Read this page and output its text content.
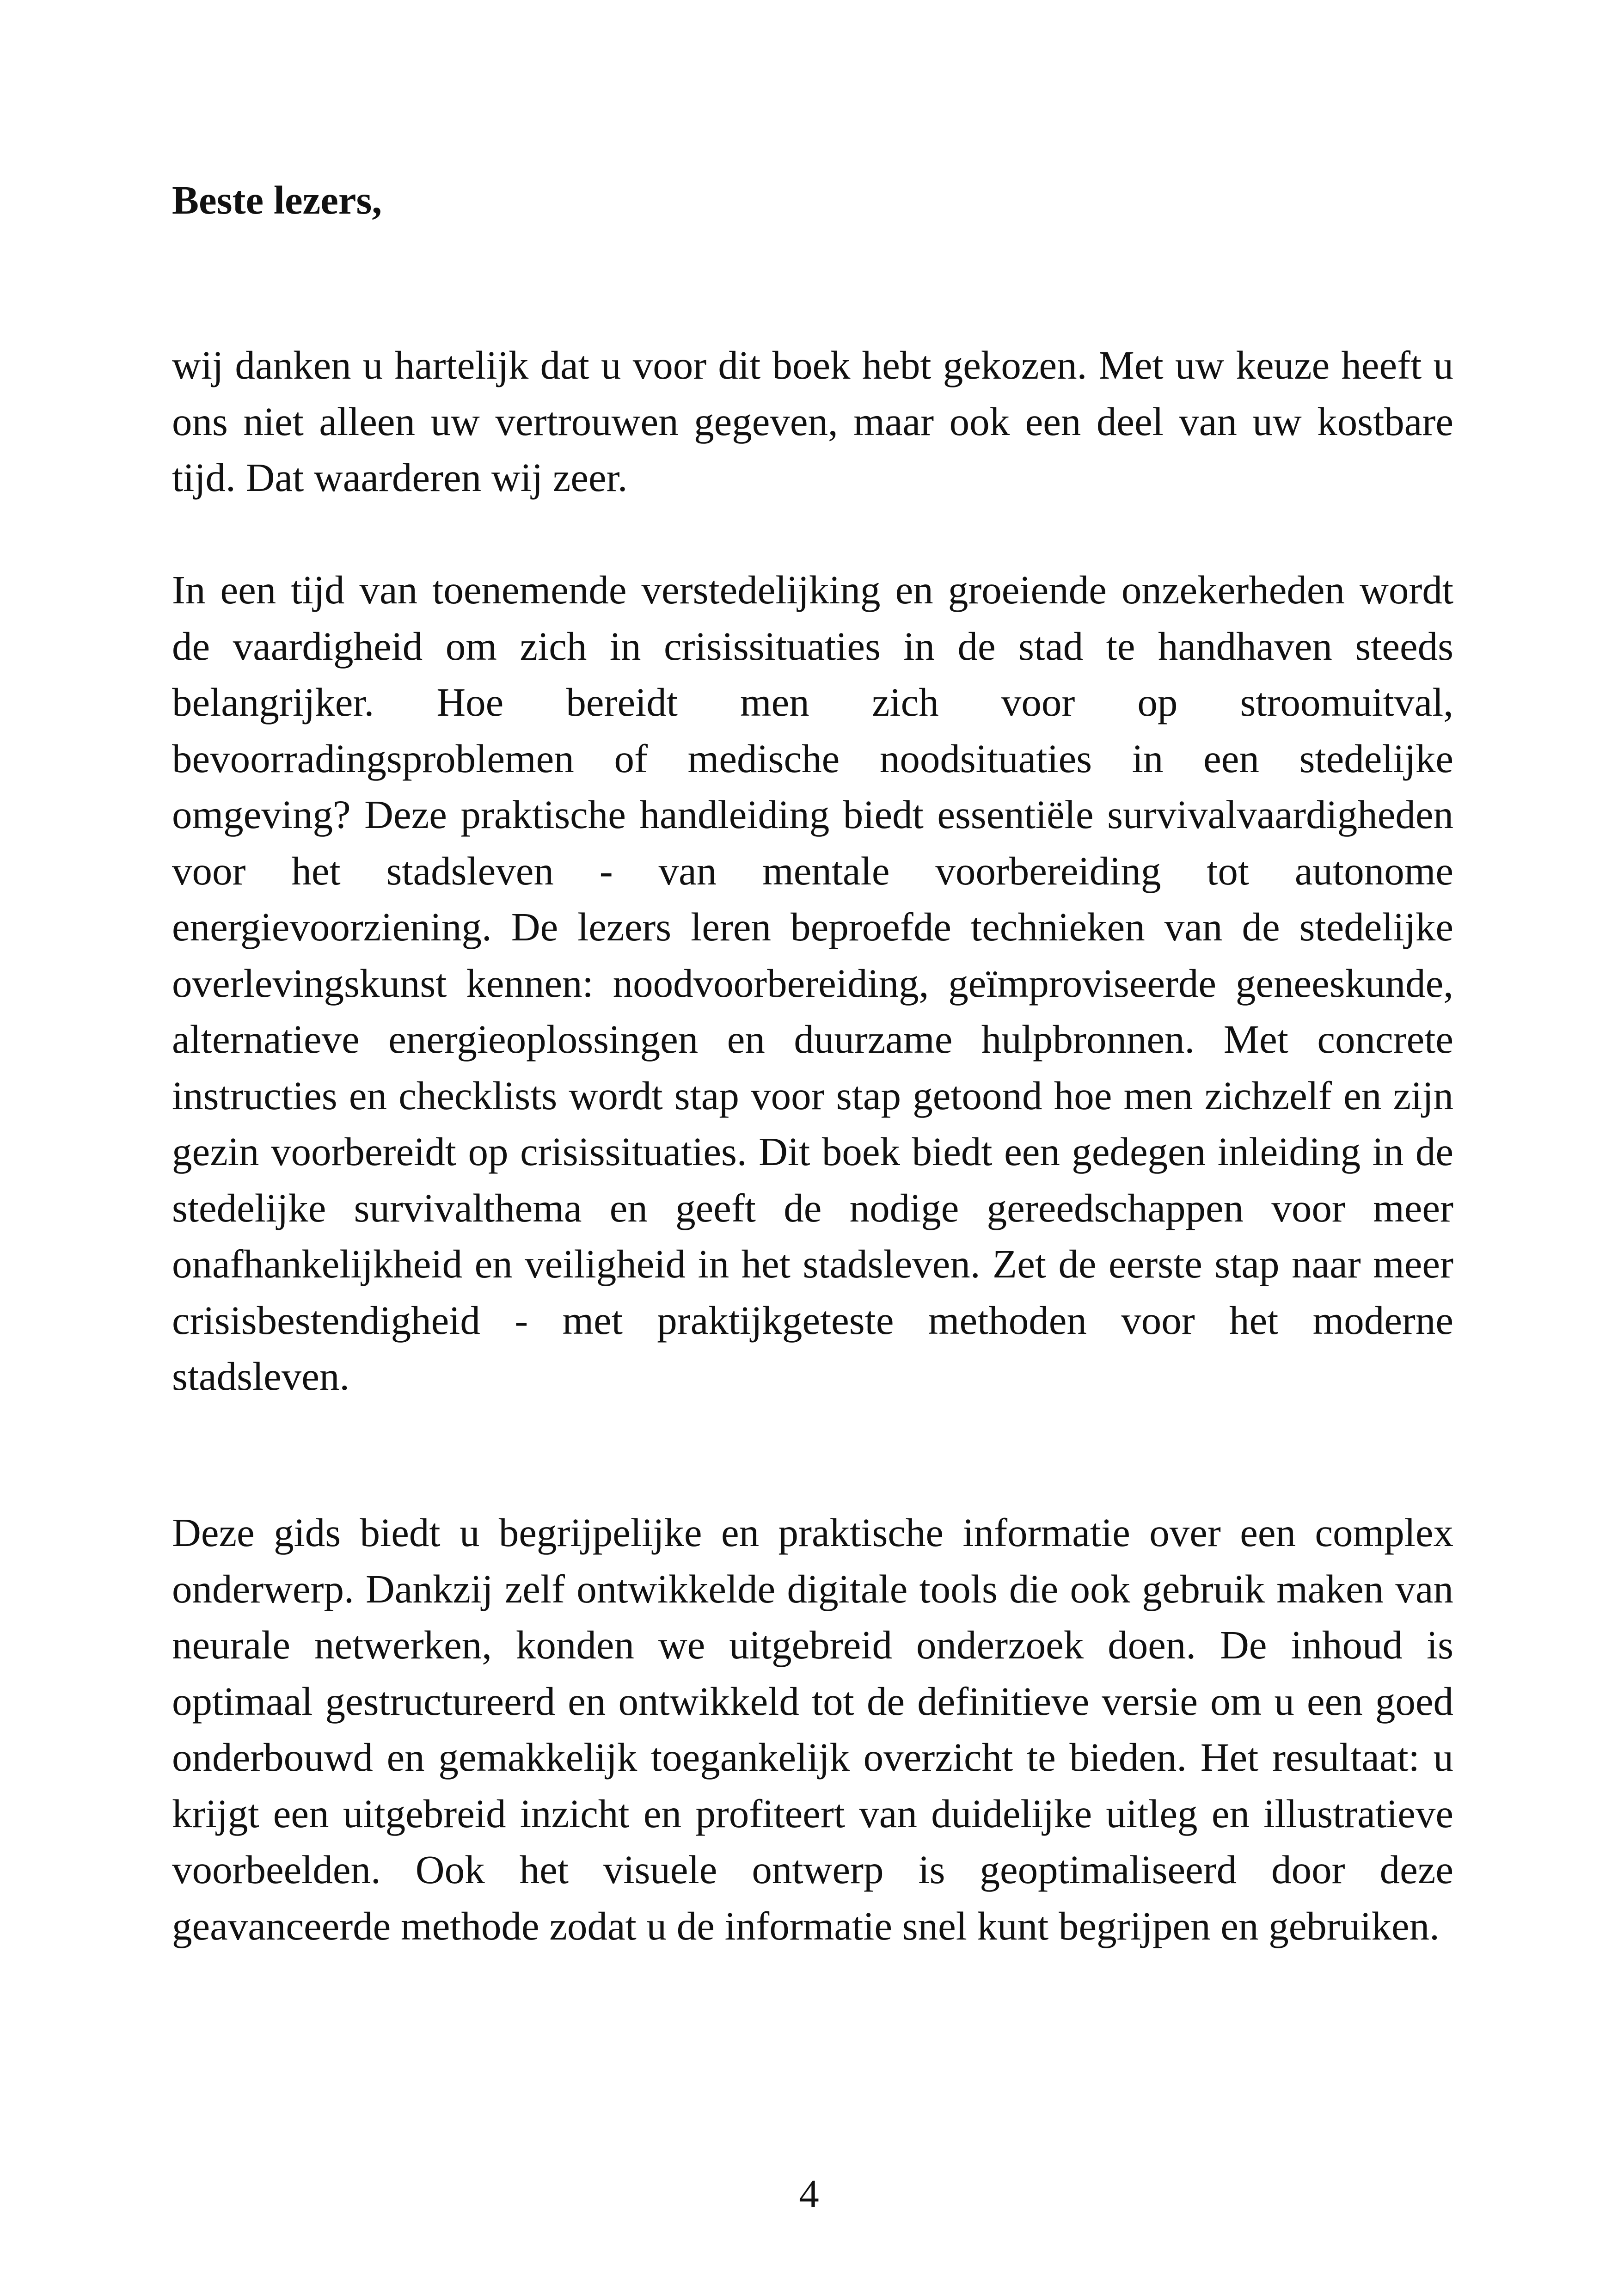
Beste lezers,

wij danken u hartelijk dat u voor dit boek hebt gekozen. Met uw keuze heeft u ons niet alleen uw vertrouwen gegeven, maar ook een deel van uw kostbare tijd. Dat waarderen wij zeer.

In een tijd van toenemende verstedelijking en groeiende onzekerheden wordt de vaardigheid om zich in crisissituaties in de stad te handhaven steeds belangrijker. Hoe bereidt men zich voor op stroomuitval, bevoorradingsproblemen of medische noodsituaties in een stedelijke omgeving? Deze praktische handleiding biedt essentiële survivalvaardigheden voor het stadsleven - van mentale voorbereiding tot autonome energievoorziening. De lezers leren beproefde technieken van de stedelijke overlevingskunst kennen: noodvoorbereiding, geïmproviseerde geneeskunde, alternatieve energieoplossingen en duurzame hulpbronnen. Met concrete instructies en checklists wordt stap voor stap getoond hoe men zichzelf en zijn gezin voorbereidt op crisissituaties. Dit boek biedt een gedegen inleiding in de stedelijke survivalthema en geeft de nodige gereedschappen voor meer onafhankelijkheid en veiligheid in het stadsleven. Zet de eerste stap naar meer crisisbestendigheid - met praktijkgeteste methoden voor het moderne stadsleven.

Deze gids biedt u begrijpelijke en praktische informatie over een complex onderwerp. Dankzij zelf ontwikkelde digitale tools die ook gebruik maken van neurale netwerken, konden we uitgebreid onderzoek doen. De inhoud is optimaal gestructureerd en ontwikkeld tot de definitieve versie om u een goed onderbouwd en gemakkelijk toegankelijk overzicht te bieden. Het resultaat: u krijgt een uitgebreid inzicht en profiteert van duidelijke uitleg en illustratieve voorbeelden. Ook het visuele ontwerp is geoptimaliseerd door deze geavanceerde methode zodat u de informatie snel kunt begrijpen en gebruiken.

4
